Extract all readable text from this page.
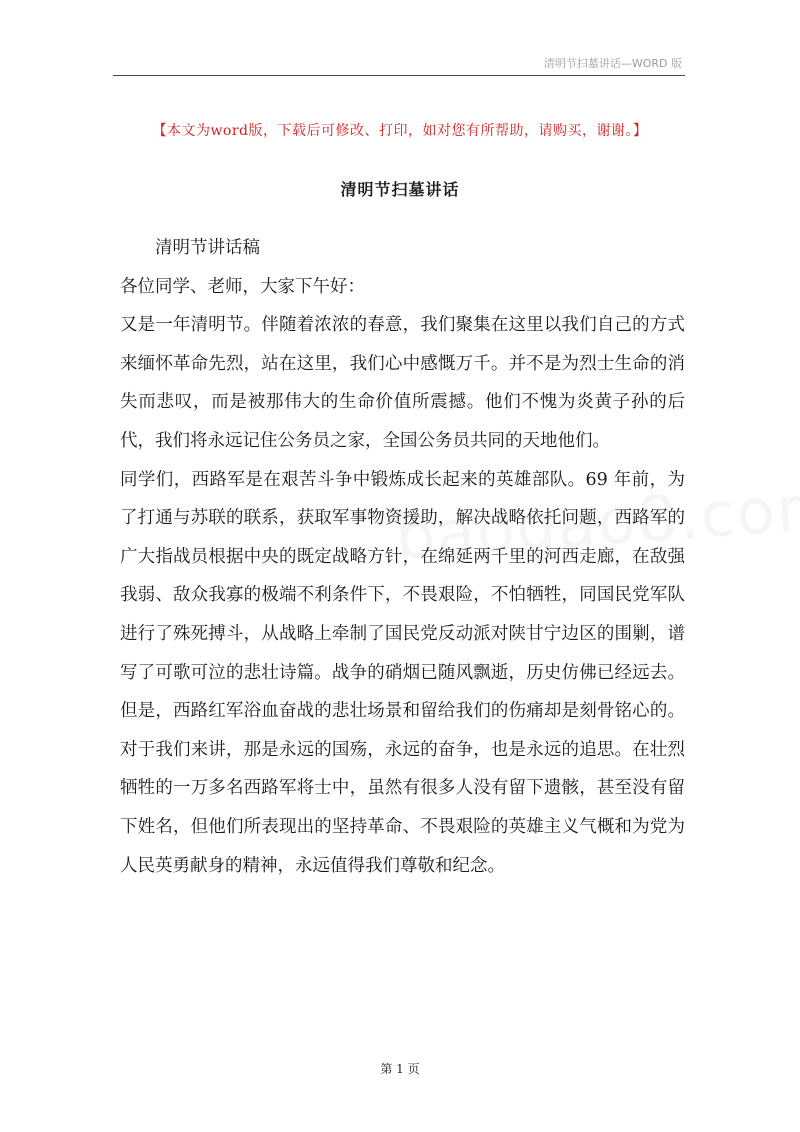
清明节扫墓讲话—WORD 版
【本文为word版，下载后可修改、打印，如对您有所帮助，请购买，谢谢。】
清明节扫墓讲话

清明节讲话稿

各位同学、老师，大家下午好：

又是一年清明节。伴随着浓浓的春意，我们聚集在这里以我们自己的方式来缅怀革命先烈，站在这里，我们心中感慨万千。并不是为烈士生命的消失而悲叹，而是被那伟大的生命价值所震撼。他们不愧为炎黄子孙的后代，我们将永远记住公务员之家，全国公务员共同的天地他们。

同学们，西路军是在艰苦斗争中锻炼成长起来的英雄部队。69 年前，为了打通与苏联的联系，获取军事物资援助，解决战略依托问题，西路军的广大指战员根据中央的既定战略方针，在绵延两千里的河西走廊，在敌强我弱、敌众我寡的极端不利条件下，不畏艰险，不怕牺牲，同国民党军队进行了殊死搏斗，从战略上牵制了国民党反动派对陕甘宁边区的围剿，谱写了可歌可泣的悲壮诗篇。战争的硝烟已随风飘逝，历史仿佛已经远去。但是，西路红军浴血奋战的悲壮场景和留给我们的伤痛却是刻骨铭心的。对于我们来讲，那是永远的国殇，永远的奋争，也是永远的追思。在壮烈牺牲的一万多名西路军将士中，虽然有很多人没有留下遗骸，甚至没有留下姓名，但他们所表现出的坚持革命、不畏艰险的英雄主义气概和为党为人民英勇献身的精神，永远值得我们尊敬和纪念。

第 1 页
